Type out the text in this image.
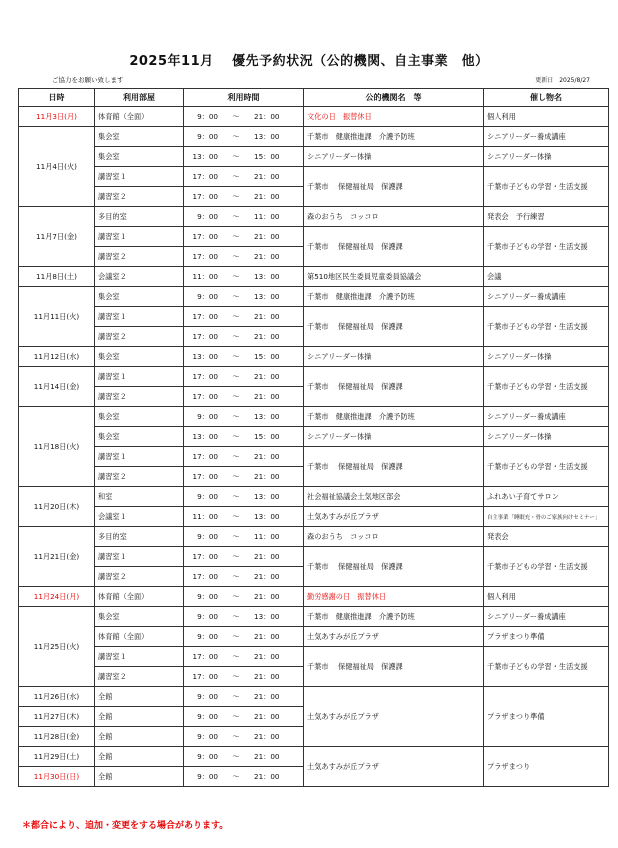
2025年11月　 優先予約状況（公的機関、自主事業　他）
ご協力をお願い致します	更新日　2025/8/27
日時	利用部屋	利用時間	公的機関名　等	催し物名
11月3日(月)	体育館（全面）	9：00 ～ 21：00	文化の日　振替休日	個人利用
11月4日(火)	集会室	9：00 ～ 13：00	千葉市　健康推進課　介護予防班	シニアリーダー養成講座
	集会室	13：00 ～ 15：00	シニアリーダー体操	シニアリーダー体操
	講習室１	17：00 ～ 21：00	千葉市　 保健福祉局　保護課	千葉市子どもの学習・生活支援
	講習室２	17：00 ～ 21：00		
11月7日(金)	多目的室	9：00 ～ 11：00	森のおうち　コッコロ	発表会　予行練習
	講習室１	17：00 ～ 21：00	千葉市　 保健福祉局　保護課	千葉市子どもの学習・生活支援
	講習室２	17：00 ～ 21：00		
11月8日(土)	会議室２	11：00 ～ 13：00	第510地区民生委員児童委員協議会	会議
11月11日(火)	集会室	9：00 ～ 13：00	千葉市　健康推進課　介護予防班	シニアリーダー養成講座
	講習室１	17：00 ～ 21：00	千葉市　 保健福祉局　保護課	千葉市子どもの学習・生活支援
	講習室２	17：00 ～ 21：00		
11月12日(水)	集会室	13：00 ～ 15：00	シニアリーダー体操	シニアリーダー体操
11月14日(金)	講習室１	17：00 ～ 21：00	千葉市　 保健福祉局　保護課	千葉市子どもの学習・生活支援
	講習室２	17：00 ～ 21：00		
11月18日(火)	集会室	9：00 ～ 13：00	千葉市　健康推進課　介護予防班	シニアリーダー養成講座
	集会室	13：00 ～ 15：00	シニアリーダー体操	シニアリーダー体操
	講習室１	17：00 ～ 21：00	千葉市　 保健福祉局　保護課	千葉市子どもの学習・生活支援
	講習室２	17：00 ～ 21：00		
11月20日(木)	和室	9：00 ～ 13：00	社会福祉協議会土気地区部会	ふれあい子育てサロン
	会議室１	11：00 ～ 13：00	土気あすみが丘プラザ	自主事業「睡眠充・骨のご家族向けセミナー」
11月21日(金)	多目的室	9：00 ～ 11：00	森のおうち　コッコロ	発表会
	講習室１	17：00 ～ 21：00	千葉市　 保健福祉局　保護課	千葉市子どもの学習・生活支援
	講習室２	17：00 ～ 21：00		
11月24日(月)	体育館（全面）	9：00 ～ 21：00	勤労感謝の日　振替休日	個人利用
11月25日(火)	集会室	9：00 ～ 13：00	千葉市　健康推進課　介護予防班	シニアリーダー養成講座
	体育館（全面）	9：00 ～ 21：00	土気あすみが丘プラザ	プラザまつり準備
	講習室１	17：00 ～ 21：00	千葉市　 保健福祉局　保護課	千葉市子どもの学習・生活支援
	講習室２	17：00 ～ 21：00		
11月26日(水)	全館	9：00 ～ 21：00	土気あすみが丘プラザ	プラザまつり準備
11月27日(木)	全館	9：00 ～ 21：00		
11月28日(金)	全館	9：00 ～ 21：00		
11月29日(土)	全館	9：00 ～ 21：00	土気あすみが丘プラザ	プラザまつり
11月30日(日)	全館	9：00 ～ 21：00		
＊都合により、追加・変更をする場合があります。
